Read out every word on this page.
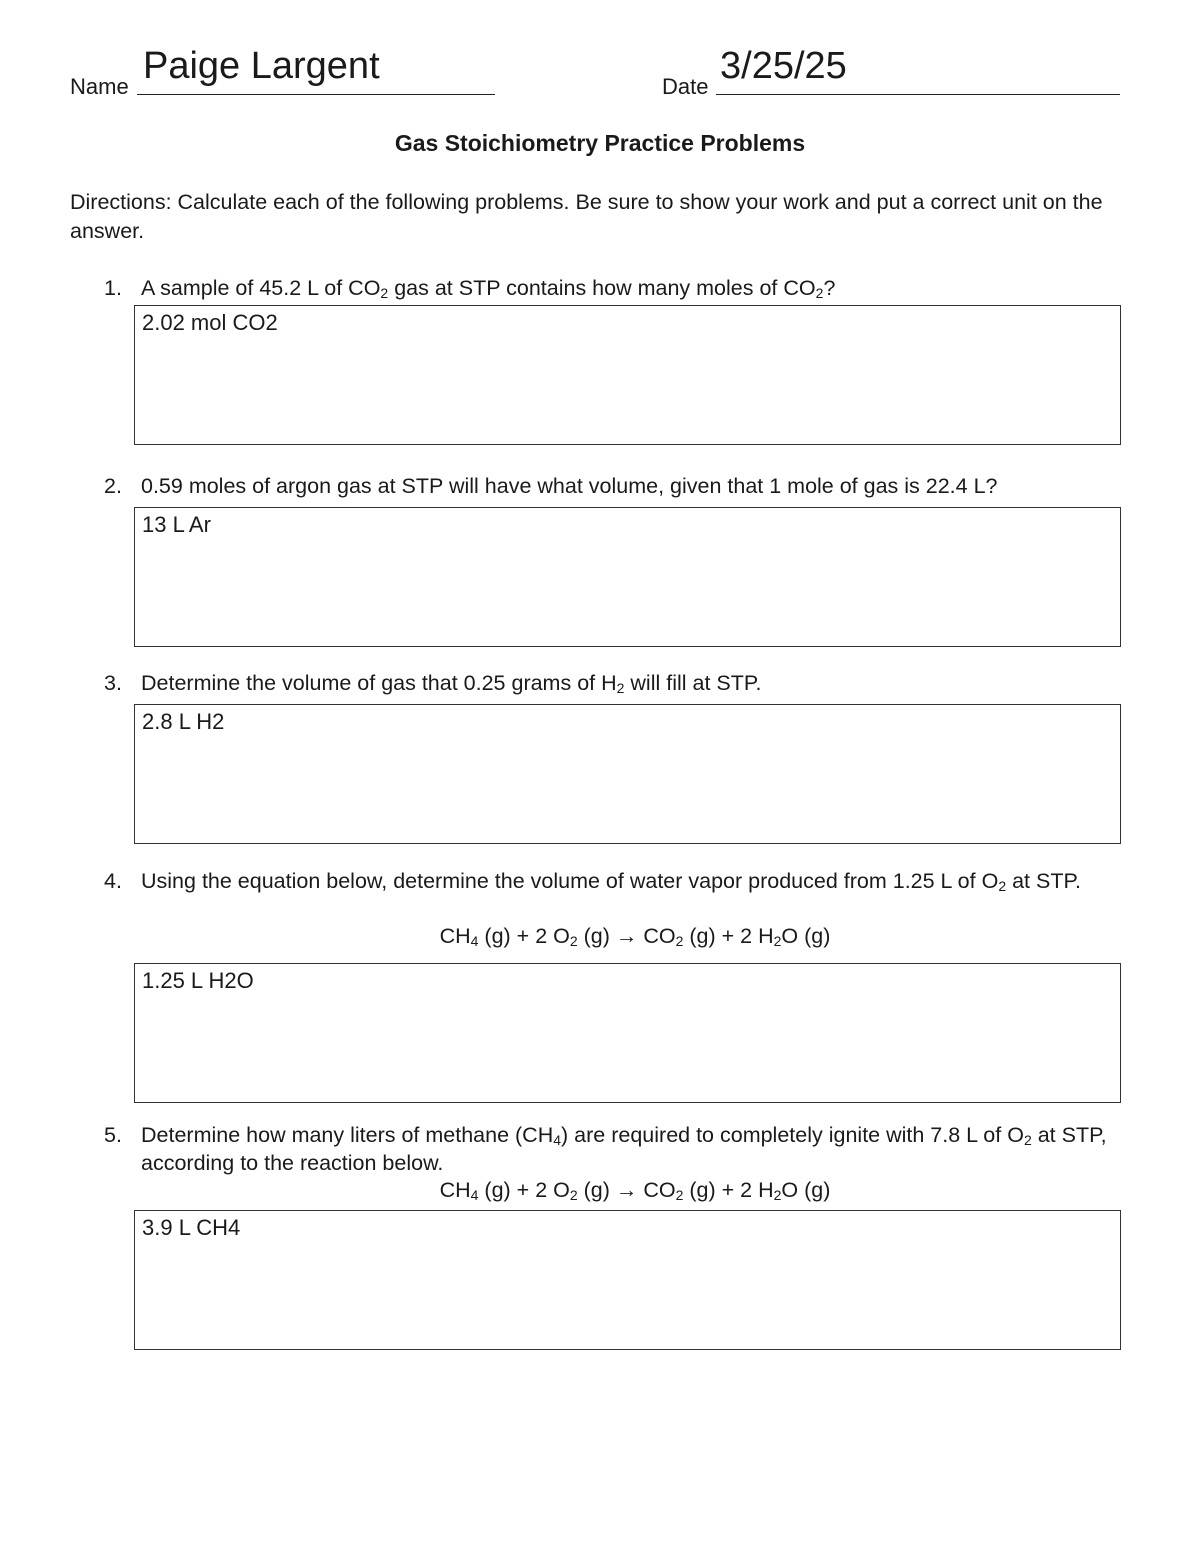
Name Paige Largent	Date 3/25/25
Gas Stoichiometry Practice Problems
Directions: Calculate each of the following problems. Be sure to show your work and put a correct unit on the answer.
1. A sample of 45.2 L of $CO_2$ gas at STP contains how many moles of $CO_2$?
2.02 mol CO2
2. 0.59 moles of argon gas at STP will have what volume, given that 1 mole of gas is 22.4 L?
13 L Ar
3. Determine the volume of gas that 0.25 grams of $H_2$ will fill at STP.
2.8 L H2
4. Using the equation below, determine the volume of water vapor produced from 1.25 L of $O_2$ at STP.
$CH_4$ (g) + 2 $O_2$ $(g) \to CO_2$ (g) + 2 $H_2O$ (g)
1.25 L H2O
5. Determine how many liters of methane $(CH_4)$ are required to completely ignite with 7.8 L of $O_2$ at STP, according to the reaction below.
$CH_4$ (g) + 2 $O_2$ $(g) \to CO_2$ (g) + 2 $H_2O$ (g)
3.9 L CH4
